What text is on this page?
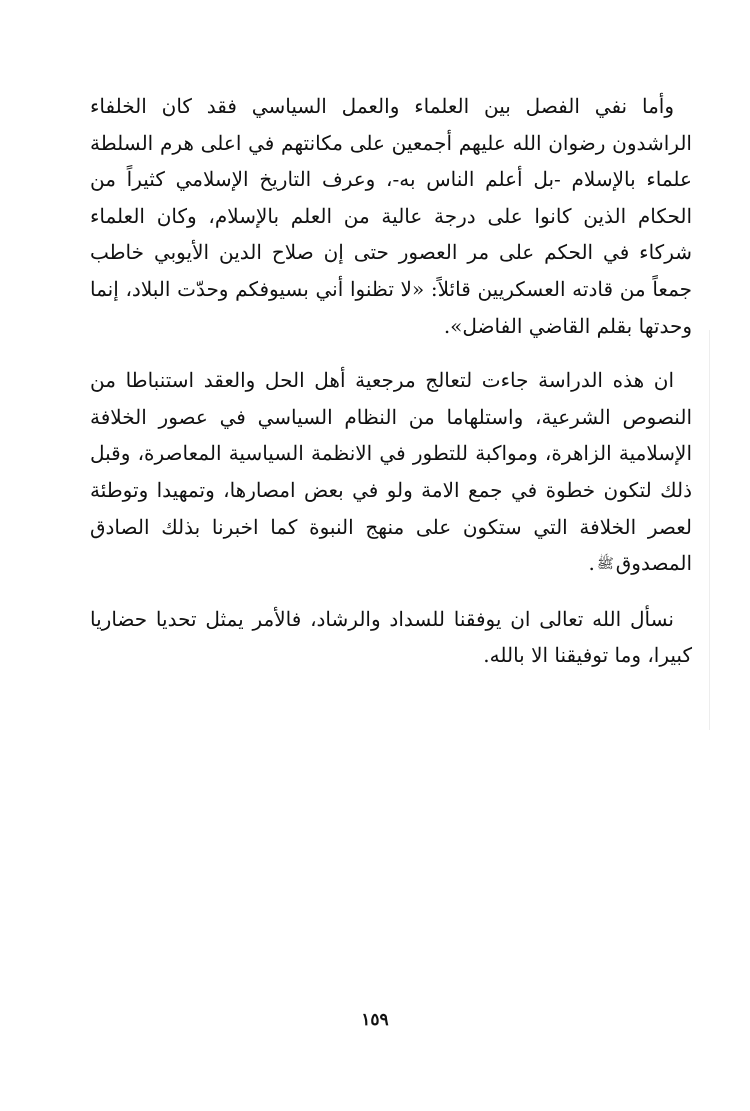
وأما نفي الفصل بين العلماء والعمل السياسي فقد كان الخلفاء الراشدون رضوان الله عليهم أجمعين على مكانتهم في اعلى هرم السلطة علماء بالإسلام -بل أعلم الناس به-، وعرف التاريخ الإسلامي كثيراً من الحكام الذين كانوا على درجة عالية من العلم بالإسلام، وكان العلماء شركاء في الحكم على مر العصور حتى إن صلاح الدين الأيوبي خاطب جمعاً من قادته العسكريين قائلاً: «لا تظنوا أني بسيوفكم وحدّت البلاد، إنما وحدتها بقلم القاضي الفاضل».

ان هذه الدراسة جاءت لتعالج مرجعية أهل الحل والعقد استنباطا من النصوص الشرعية، واستلهاما من النظام السياسي في عصور الخلافة الإسلامية الزاهرة، ومواكبة للتطور في الانظمة السياسية المعاصرة، وقبل ذلك لتكون خطوة في جمع الامة ولو في بعض امصارها، وتمهيدا وتوطئة لعصر الخلافة التي ستكون على منهج النبوة كما اخبرنا بذلك الصادق المصدوقﷺ.

نسأل الله تعالى ان يوفقنا للسداد والرشاد، فالأمر يمثل تحديا حضاريا كبيرا، وما توفيقنا الا بالله.

١٥٩
